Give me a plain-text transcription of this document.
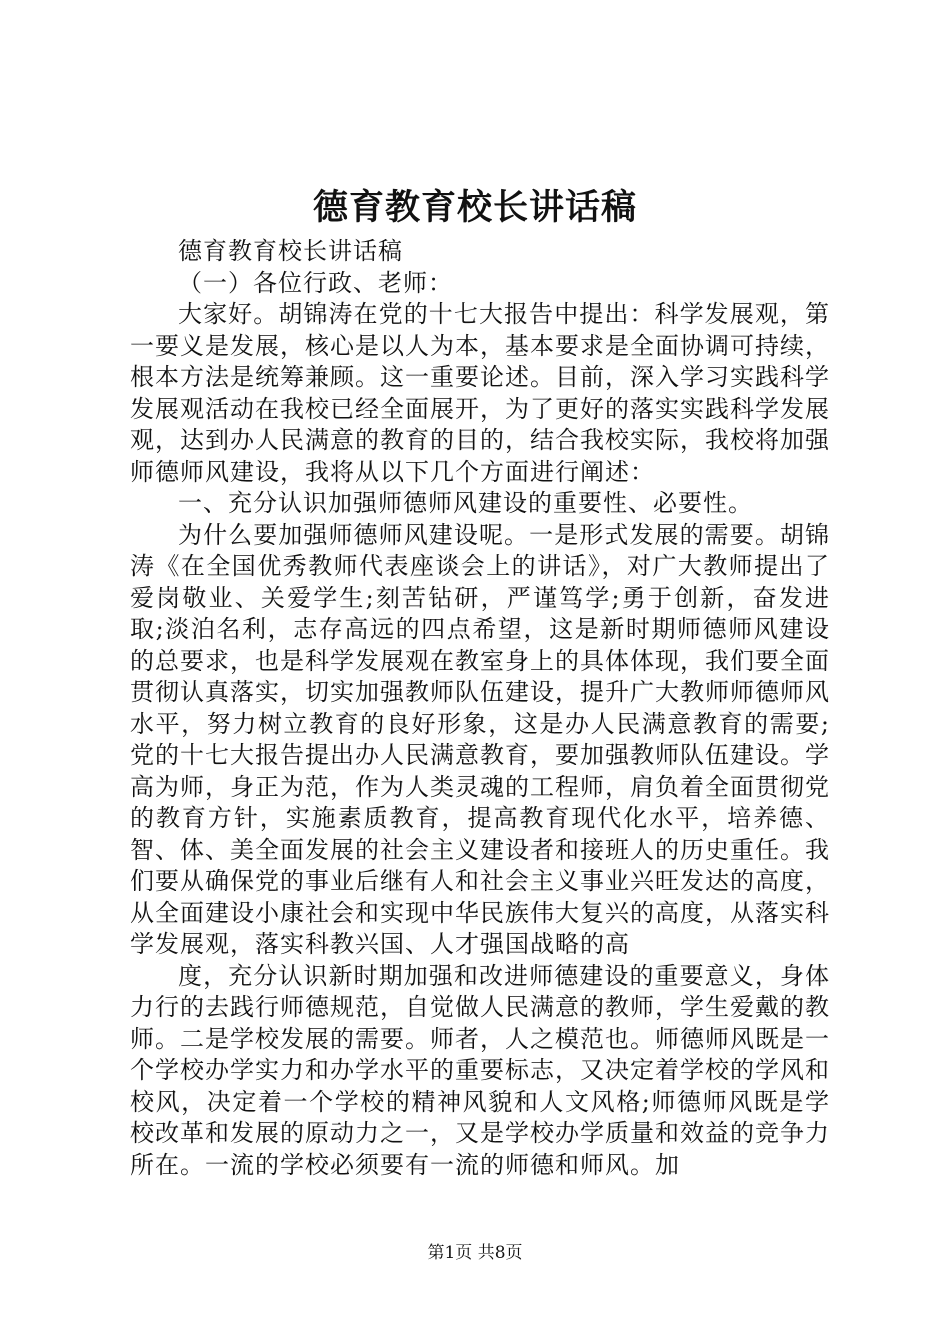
德育教育校长讲话稿

德育教育校长讲话稿

（一）各位行政、老师：

大家好。胡锦涛在党的十七大报告中提出：科学发展观，第一要义是发展，核心是以人为本，基本要求是全面协调可持续，根本方法是统筹兼顾。这一重要论述。目前，深入学习实践科学发展观活动在我校已经全面展开，为了更好的落实实践科学发展观，达到办人民满意的教育的目的，结合我校实际，我校将加强师德师风建设，我将从以下几个方面进行阐述：

一、充分认识加强师德师风建设的重要性、必要性。

为什么要加强师德师风建设呢。一是形式发展的需要。胡锦涛《在全国优秀教师代表座谈会上的讲话》，对广大教师提出了爱岗敬业、关爱学生;刻苦钻研，严谨笃学;勇于创新，奋发进取;淡泊名利，志存高远的四点希望，这是新时期师德师风建设的总要求，也是科学发展观在教室身上的具体体现，我们要全面贯彻认真落实，切实加强教师队伍建设，提升广大教师师德师风水平，努力树立教育的良好形象，这是办人民满意教育的需要;党的十七大报告提出办人民满意教育，要加强教师队伍建设。学高为师，身正为范，作为人类灵魂的工程师，肩负着全面贯彻党的教育方针，实施素质教育，提高教育现代化水平，培养德、智、体、美全面发展的社会主义建设者和接班人的历史重任。我们要从确保党的事业后继有人和社会主义事业兴旺发达的高度，从全面建设小康社会和实现中华民族伟大复兴的高度，从落实科学发展观，落实科教兴国、人才强国战略的高

度，充分认识新时期加强和改进师德建设的重要意义，身体力行的去践行师德规范，自觉做人民满意的教师，学生爱戴的教师。二是学校发展的需要。师者，人之模范也。师德师风既是一个学校办学实力和办学水平的重要标志，又决定着学校的学风和校风，决定着一个学校的精神风貌和人文风格;师德师风既是学校改革和发展的原动力之一，又是学校办学质量和效益的竞争力所在。一流的学校必须要有一流的师德和师风。加

第1页 共8页
